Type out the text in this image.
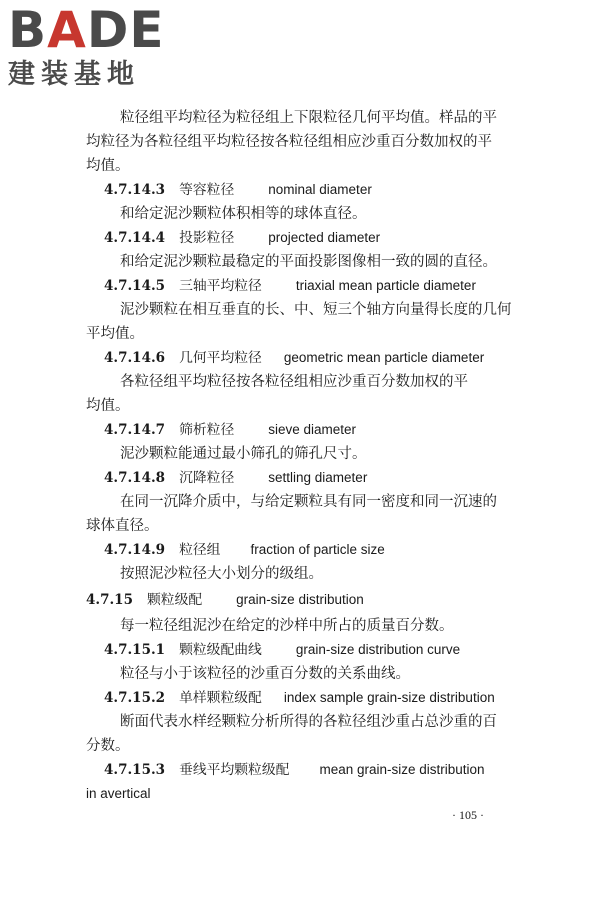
BADE
建装基地
粒径组平均粒径为粒径组上下限粒径几何平均值。样品的平
均粒径为各粒径组平均粒径按各粒径组相应沙重百分数加权的平
均值。
4.7.14.3 等容粒径	nominal diameter
和给定泥沙颗粒体积相等的球体直径。
4.7.14.4 投影粒径	projected diameter
和给定泥沙颗粒最稳定的平面投影图像相一致的圆的直径。
4.7.14.5 三轴平均粒径	triaxial mean particle diameter
泥沙颗粒在相互垂直的长、中、短三个轴方向量得长度的几何
平均值。
4.7.14.6 几何平均粒径 geometric mean particle diameter
各粒径组平均粒径按各粒径组相应沙重百分数加权的平
均值。
4.7.14.7 筛析粒径	sieve diameter
泥沙颗粒能通过最小筛孔的筛孔尺寸。
4.7.14.8 沉降粒径	settling diameter
在同一沉降介质中，与给定颗粒具有同一密度和同一沉速的
球体直径。
4.7.14.9 粒径组 fraction of particle size
按照泥沙粒径大小划分的级组。
4.7.15 颗粒级配	grain-size distribution
每一粒径组泥沙在给定的沙样中所占的质量百分数。
4.7.15.1 颗粒级配曲线	grain-size distribution curve
粒径与小于该粒径的沙重百分数的关系曲线。
4.7.15.2 单样颗粒级配 index sample grain-size distribution
断面代表水样经颗粒分析所得的各粒径组沙重占总沙重的百
分数。
4.7.15.3 垂线平均颗粒级配 mean grain-size distribution
in avertical
· 105 ·
